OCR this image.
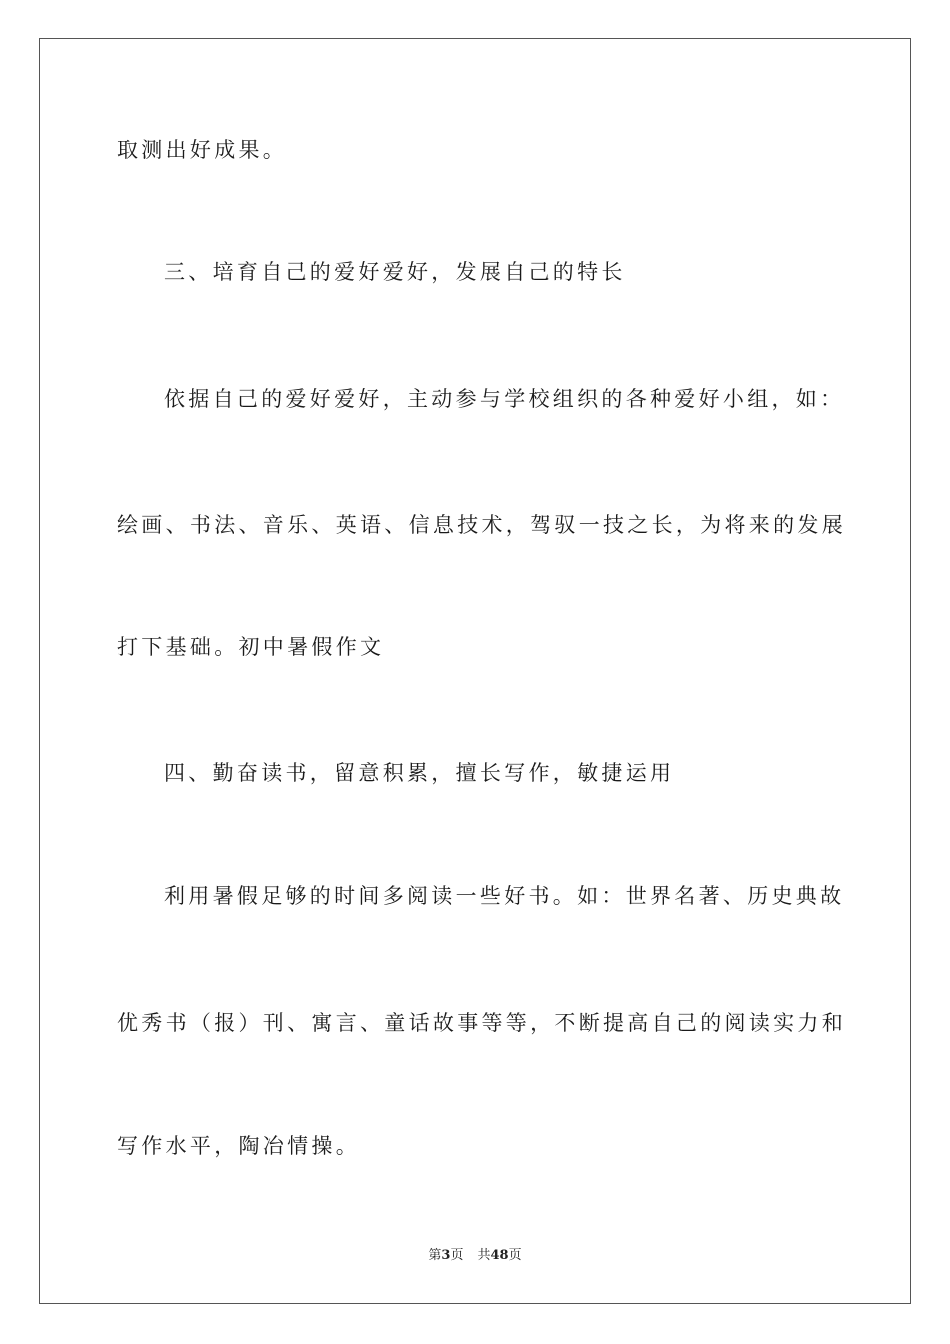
取测出好成果。
三、培育自己的爱好爱好，发展自己的特长
依据自己的爱好爱好，主动参与学校组织的各种爱好小组，如：
绘画、书法、音乐、英语、信息技术，驾驭一技之长，为将来的发展
打下基础。初中暑假作文
四、勤奋读书，留意积累，擅长写作，敏捷运用
利用暑假足够的时间多阅读一些好书。如：世界名著、历史典故
优秀书（报）刊、寓言、童话故事等等，不断提高自己的阅读实力和
写作水平，陶冶情操。
第3页 共48页
